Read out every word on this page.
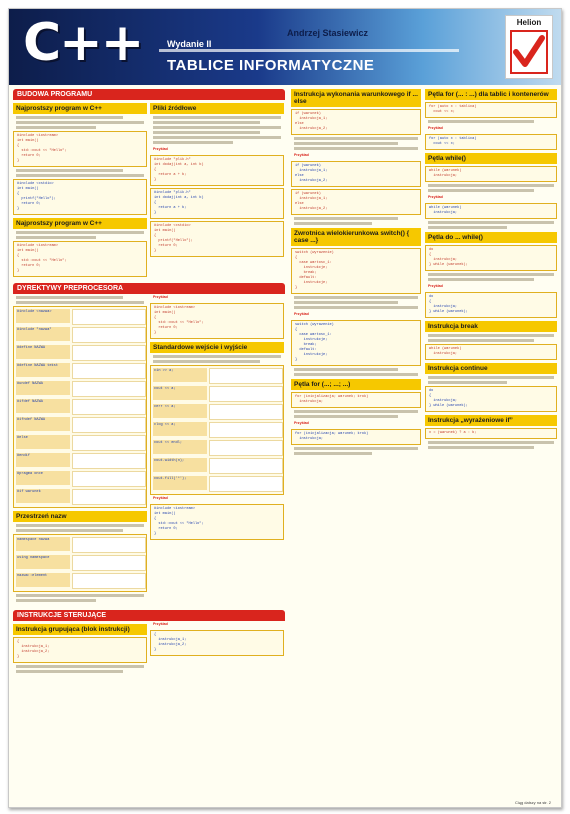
C++	Andrzej Stasiewicz
Wydanie II
TABLICE INFORMATYCZNE
Helion
BUDOWA PROGRAMU
Najprostszy program w C++
#include <iostream>
int main()
{
std::cout << "Hello";
return 0;
}
#include <cstdio>
int main()
{
printf("Hello");
return 0;
}
Najprostszy program w C++
#include <iostream>
int main()
{
std::cout << "Hello";
return 0;
}
Pliki źródłowe
Przykład
#include "plik.h"
int dodaj(int a, int b)
{
return a + b;
}
#include "plik.h"
int dodaj(int a, int b)
{
return a + b;
}
#include <cstdio>
int main()
{
printf("Hello");
return 0;
}
DYREKTYWY PREPROCESORA
#include <nazwa>
#include "nazwa"
#define NAZWA
#define NAZWA tekst
#undef NAZWA
#ifdef NAZWA
#ifndef NAZWA
#else
#endif
#pragma once
#if warunek
Przestrzeń nazw
namespace nazwa
using namespace
nazwa::element
Przykład
#include <iostream>
int main()
{
std::cout << "Hello";
return 0;
}
Standardowe wejście i wyjście
cin >> a;
cout << a;
cerr << a;
clog << a;
cout << endl;
cout.width(n);
cout.fill('*');
Przykład
#include <iostream>
int main()
{
std::cout << "Hello";
return 0;
}
INSTRUKCJE STERUJĄCE
Instrukcja grupująca (blok instrukcji)
{
instrukcja_1;
instrukcja_2;
}
Przykład
{
instrukcja_1;
instrukcja_2;
}
Instrukcja wykonania warunkowego if ... else
if (warunek)
instrukcja_1;
else
instrukcja_2;
Przykład
if (warunek)
instrukcja_1;
else
instrukcja_2;
if (warunek)
instrukcja_1;
else
instrukcja_2;
Zwrotnica wielokierunkowa switch() { case ...}
switch (wyrazenie)
{
case wartosc_1:
instrukcje;
break;
default:
instrukcje;
}
Przykład
switch (wyrazenie)
{
case wartosc_1:
instrukcje;
break;
default:
instrukcje;
}
Pętla for (...; ...; ...)
for (inicjalizacja; warunek; krok)
instrukcja;
Przykład
for (inicjalizacja; warunek; krok)
instrukcja;
Pętla for (... : ...) dla tablic i kontenerów
for (auto x : tablica)
cout << x;
Przykład
for (auto x : tablica)
cout << x;
Pętla while()
while (warunek)
instrukcja;
Przykład
while (warunek)
instrukcja;
Pętla do ... while()
do
{
instrukcja;
} while (warunek);
Przykład
do
{
instrukcja;
} while (warunek);
Instrukcja break
while (warunek)
instrukcja;
Instrukcja continue
do
{
instrukcja;
} while (warunek);
Instrukcja „wyrażeniowe if”
x = (warunek) ? a : b;
Ciąg dalszy na str. 2
